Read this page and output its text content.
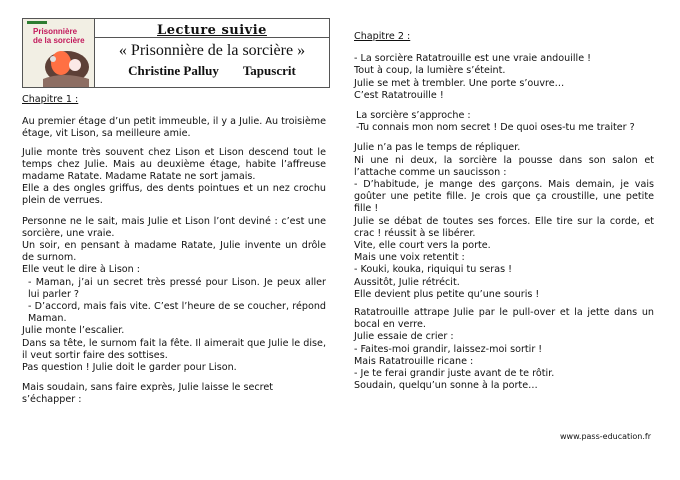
Prisonnière
de la sorcière
Lecture suivie
« Prisonnière de la sorcière »
Christine Palluy Tapuscrit

Chapitre 1 :

Au premier étage d’un petit immeuble, il y a Julie. Au troisième étage, vit Lison, sa meilleure amie.

Julie monte très souvent chez Lison et Lison descend tout le temps chez Julie. Mais au deuxième étage, habite l’affreuse madame Ratate. Madame Ratate ne sort jamais.

Elle a des ongles griffus, des dents pointues et un nez crochu plein de verrues.

Personne ne le sait, mais Julie et Lison l’ont deviné : c’est une sorcière, une vraie.

Un soir, en pensant à madame Ratate, Julie invente un drôle de surnom.

Elle veut le dire à Lison :

- Maman, j’ai un secret très pressé pour Lison. Je peux aller lui parler ?

- D’accord, mais fais vite. C’est l’heure de se coucher, répond Maman.

Julie monte l’escalier.

Dans sa tête, le surnom fait la fête. Il aimerait que Julie le dise, il veut sortir faire des sottises.

Pas question ! Julie doit le garder pour Lison.

Mais soudain, sans faire exprès, Julie laisse le secret s’échapper :

Chapitre 2 :

- La sorcière Ratatrouille est une vraie andouille !

Tout à coup, la lumière s’éteint.

Julie se met à trembler. Une porte s’ouvre…

C’est Ratatrouille !

La sorcière s’approche :

-Tu connais mon nom secret ! De quoi oses-tu me traiter ?

Julie n’a pas le temps de répliquer.

Ni une ni deux, la sorcière la pousse dans son salon et l’attache comme un saucisson :

- D’habitude, je mange des garçons. Mais demain, je vais goûter une petite fille. Je crois que ça croustille, une petite fille !

Julie se débat de toutes ses forces. Elle tire sur la corde, et crac ! réussit à se libérer.

Vite, elle court vers la porte.

Mais une voix retentit :

- Kouki, kouka, riquiqui tu seras !

Aussitôt, Julie rétrécit.

Elle devient plus petite qu’une souris !

Ratatrouille attrape Julie par le pull-over et la jette dans un bocal en verre.

Julie essaie de crier :

- Faites-moi grandir, laissez-moi sortir !

Mais Ratatrouille ricane :

- Je te ferai grandir juste avant de te rôtir.

Soudain, quelqu’un sonne à la porte…

www.pass-education.fr
